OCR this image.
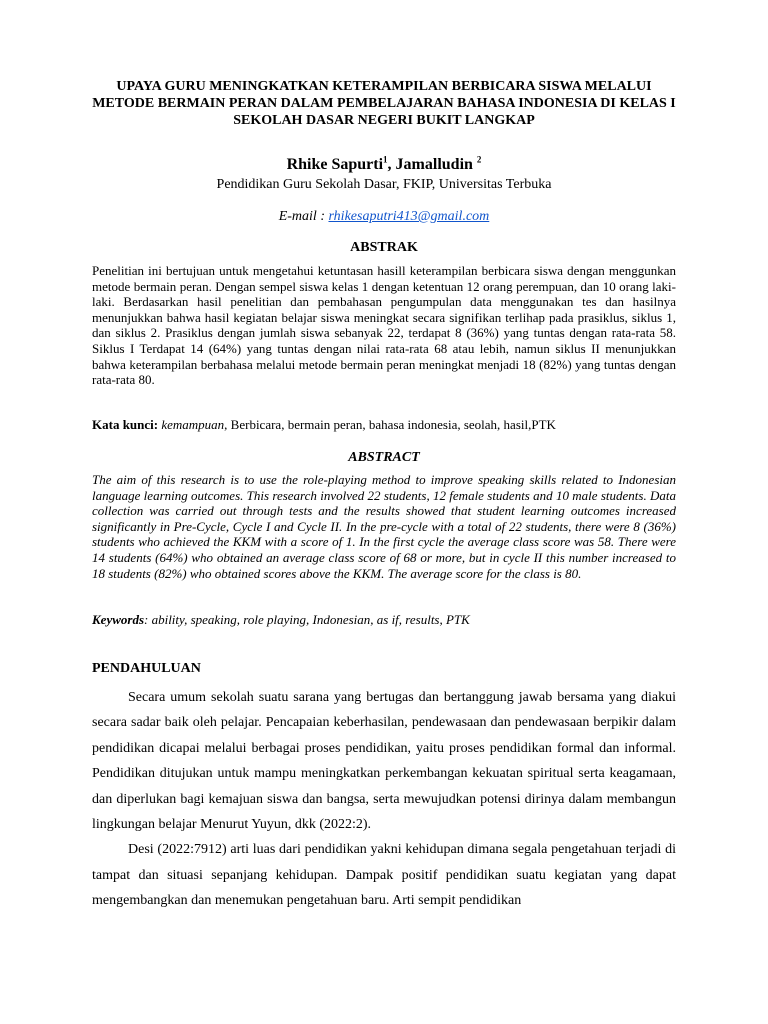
UPAYA GURU MENINGKATKAN KETERAMPILAN BERBICARA SISWA MELALUI METODE BERMAIN PERAN DALAM PEMBELAJARAN BAHASA INDONESIA DI KELAS I SEKOLAH DASAR NEGERI BUKIT LANGKAP
Rhike Sapurti$^1$, Jamalludin $^2$
Pendidikan Guru Sekolah Dasar, FKIP, Universitas Terbuka
E-mail : rhikesaputri413@gmail.com
ABSTRAK
Penelitian ini bertujuan untuk mengetahui ketuntasan hasill keterampilan berbicara siswa dengan menggunkan metode bermain peran. Dengan sempel siswa kelas 1 dengan ketentuan 12 orang perempuan, dan 10 orang laki-laki. Berdasarkan hasil penelitian dan pembahasan pengumpulan data menggunakan tes dan hasilnya menunjukkan bahwa hasil kegiatan belajar siswa meningkat secara signifikan terlihap pada prasiklus, siklus 1, dan siklus 2. Prasiklus dengan jumlah siswa sebanyak 22, terdapat 8 (36%) yang tuntas dengan rata-rata 58. Siklus I Terdapat 14 (64%) yang tuntas dengan nilai rata-rata 68 atau lebih, namun siklus II menunjukkan bahwa keterampilan berbahasa melalui metode bermain peran meningkat menjadi 18 (82%) yang tuntas dengan rata-rata 80.
Kata kunci: kemampuan, Berbicara, bermain peran, bahasa indonesia, seolah, hasil,PTK
ABSTRACT
The aim of this research is to use the role-playing method to improve speaking skills related to Indonesian language learning outcomes. This research involved 22 students, 12 female students and 10 male students. Data collection was carried out through tests and the results showed that student learning outcomes increased significantly in Pre-Cycle, Cycle I and Cycle II. In the pre-cycle with a total of 22 students, there were 8 (36%) students who achieved the KKM with a score of 1. In the first cycle the average class score was 58. There were 14 students (64%) who obtained an average class score of 68 or more, but in cycle II this number increased to 18 students (82%) who obtained scores above the KKM. The average score for the class is 80.
Keywords: ability, speaking, role playing, Indonesian, as if, results, PTK
PENDAHULUAN

Secara umum sekolah suatu sarana yang bertugas dan bertanggung jawab bersama yang diakui secara sadar baik oleh pelajar. Pencapaian keberhasilan, pendewasaan dan pendewasaan berpikir dalam pendidikan dicapai melalui berbagai proses pendidikan, yaitu proses pendidikan formal dan informal. Pendidikan ditujukan untuk mampu meningkatkan perkembangan kekuatan spiritual serta keagamaan, dan diperlukan bagi kemajuan siswa dan bangsa, serta mewujudkan potensi dirinya dalam membangun lingkungan belajar Menurut Yuyun, dkk (2022:2).

Desi (2022:7912) arti luas dari pendidikan yakni kehidupan dimana segala pengetahuan terjadi di tampat dan situasi sepanjang kehidupan. Dampak positif pendidikan suatu kegiatan yang dapat mengembangkan dan menemukan pengetahuan baru. Arti sempit pendidikan
